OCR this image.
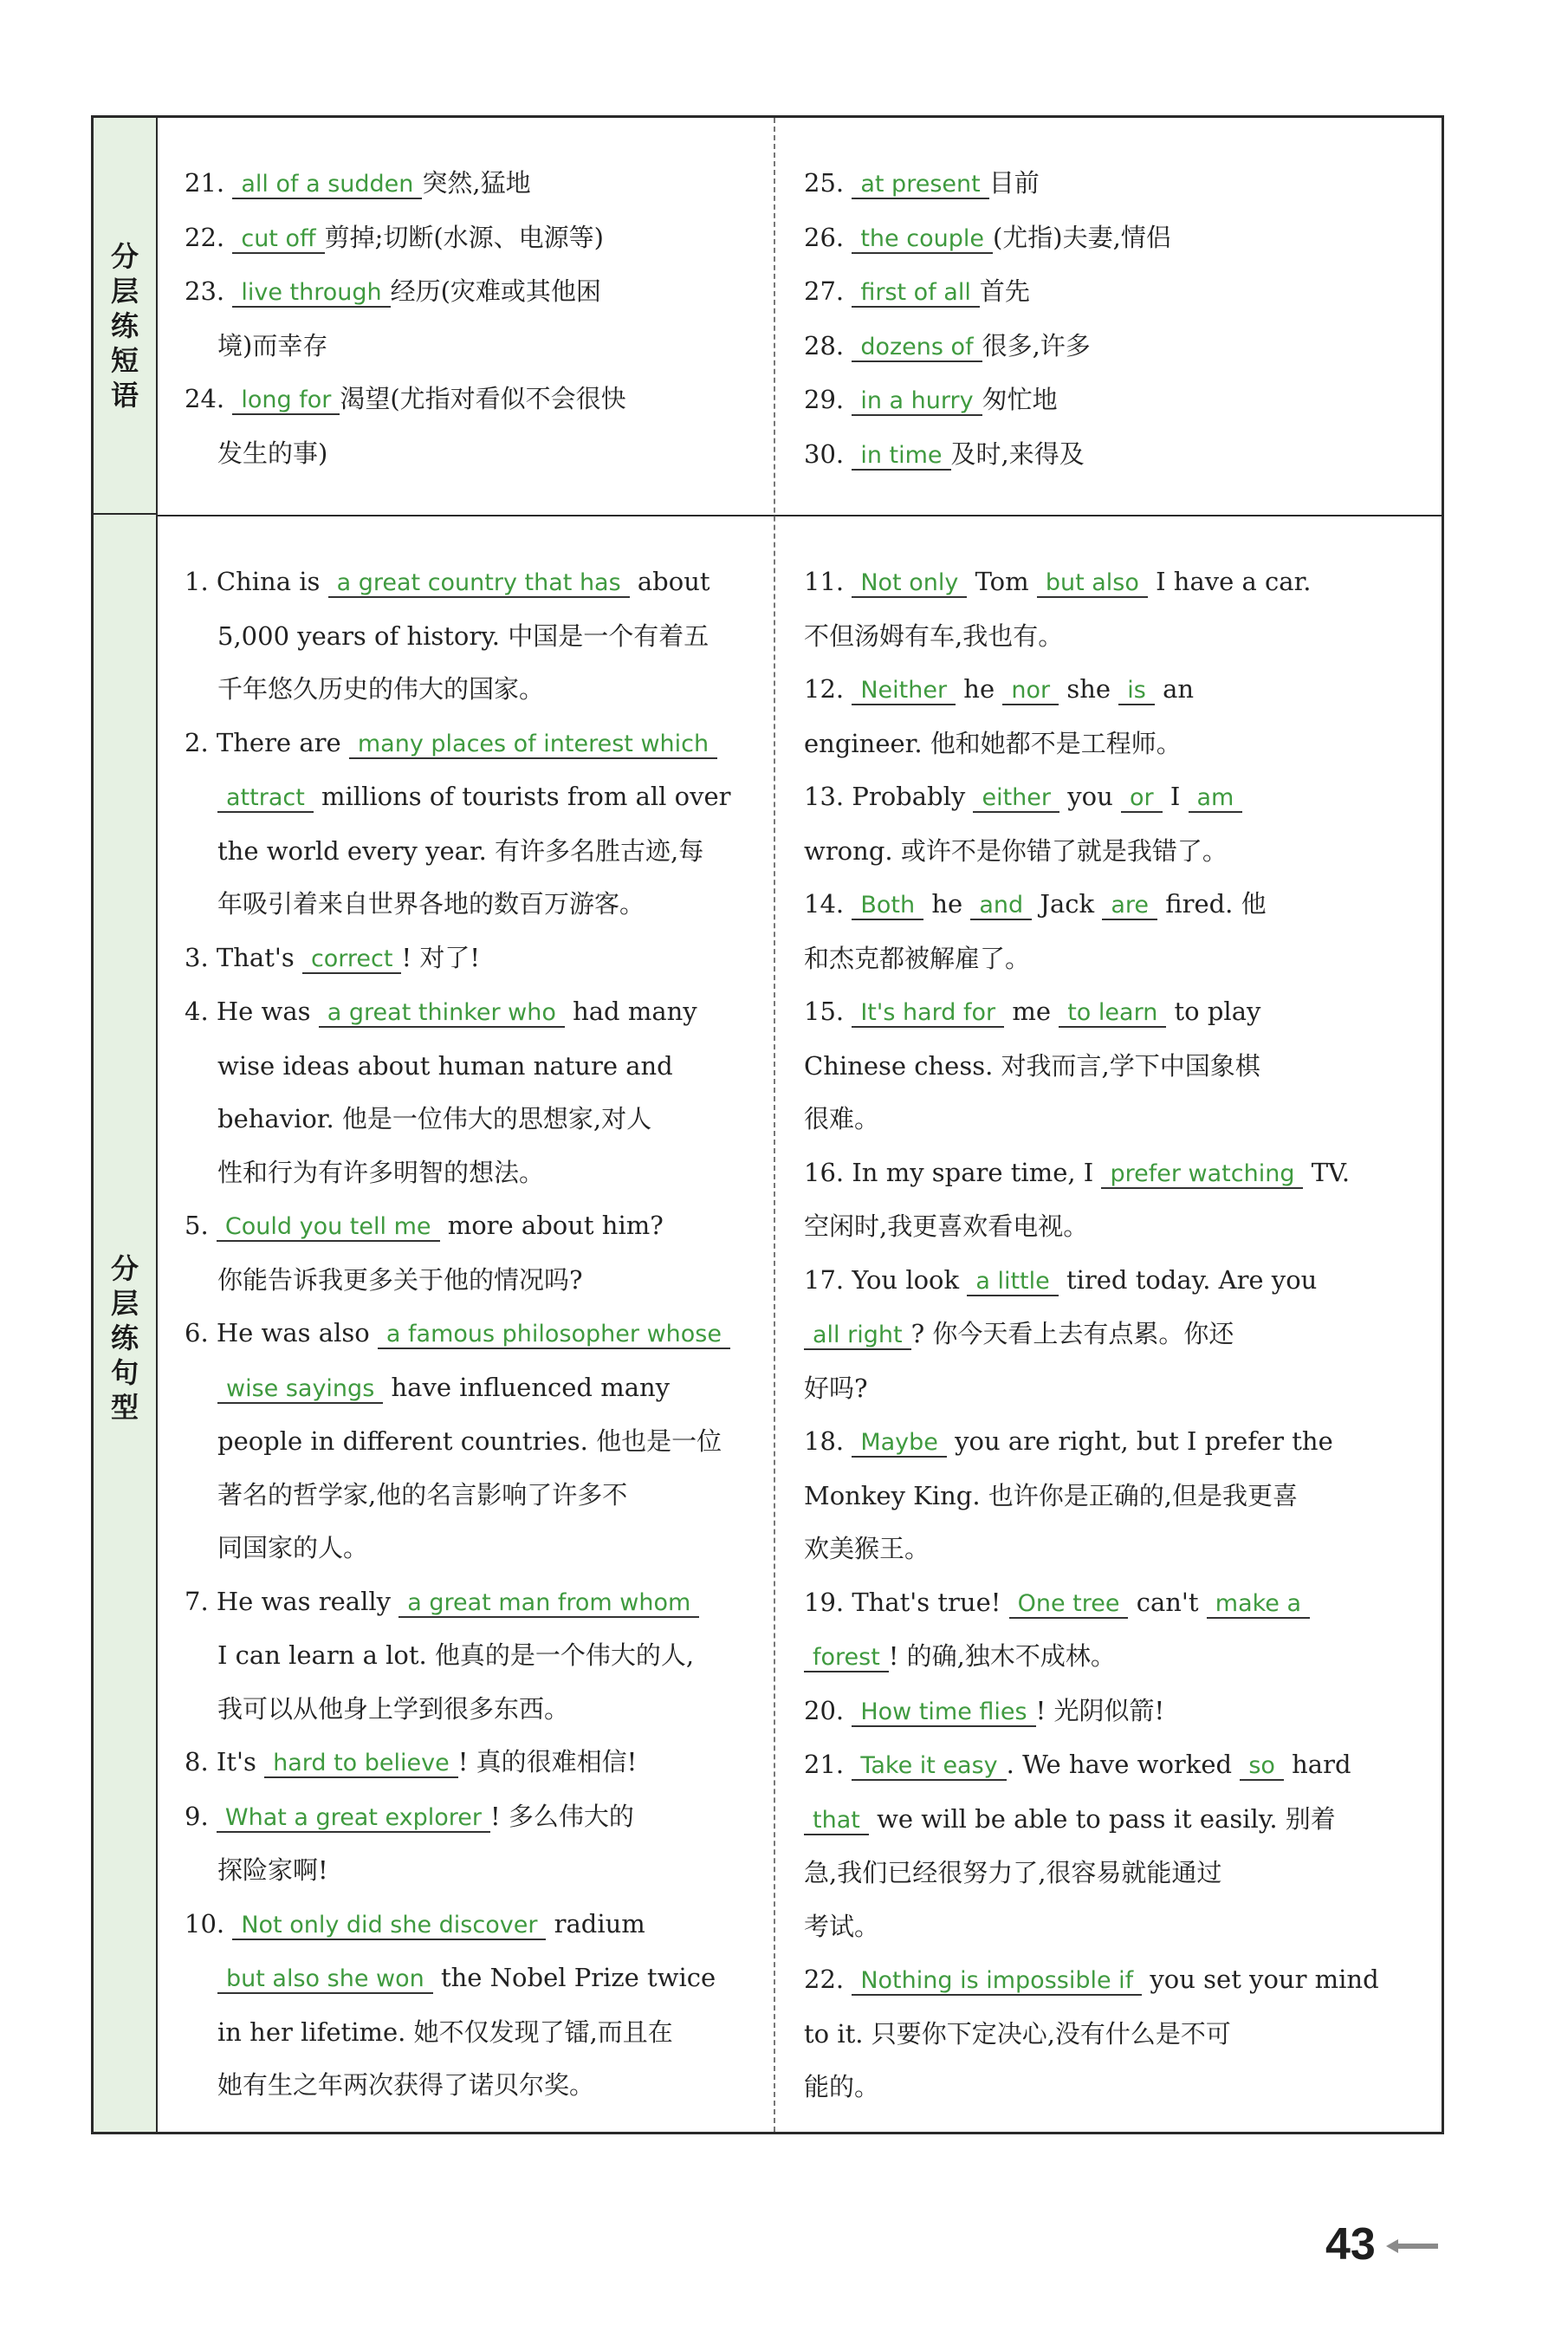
分层练短语
分层练句型
21. all of a sudden 突然,猛地
22. cut off 剪掉;切断(水源、电源等)
23. live through 经历(灾难或其他困
境)而幸存
24. long for 渴望(尤指对看似不会很快
发生的事)
25. at present 目前
26. the couple (尤指)夫妻,情侣
27. first of all 首先
28. dozens of 很多,许多
29. in a hurry 匆忙地
30. in time 及时,来得及
1. China is a great country that has about
5,000 years of history. 中国是一个有着五
千年悠久历史的伟大的国家。
2. There are many places of interest which
attract millions of tourists from all over
the world every year. 有许多名胜古迹,每
年吸引着来自世界各地的数百万游客。
3. That's correct ! 对了!
4. He was a great thinker who had many
wise ideas about human nature and
behavior. 他是一位伟大的思想家,对人
性和行为有许多明智的想法。
5. Could you tell me more about him?
你能告诉我更多关于他的情况吗?
6. He was also a famous philosopher whose
wise sayings have influenced many
people in different countries. 他也是一位
著名的哲学家,他的名言影响了许多不
同国家的人。
7. He was really a great man from whom
I can learn a lot. 他真的是一个伟大的人,
我可以从他身上学到很多东西。
8. It's hard to believe ! 真的很难相信!
9. What a great explorer ! 多么伟大的
探险家啊!
10. Not only did she discover radium
but also she won the Nobel Prize twice
in her lifetime. 她不仅发现了镭,而且在
她有生之年两次获得了诺贝尔奖。
11. Not only Tom but also I have a car.
不但汤姆有车,我也有。
12. Neither he nor she is an
engineer. 他和她都不是工程师。
13. Probably either you or I am
wrong. 或许不是你错了就是我错了。
14. Both he and Jack are fired. 他
和杰克都被解雇了。
15. It's hard for me to learn to play
Chinese chess. 对我而言,学下中国象棋
很难。
16. In my spare time, I prefer watching TV.
空闲时,我更喜欢看电视。
17. You look a little tired today. Are you
all right ? 你今天看上去有点累。你还
好吗?
18. Maybe you are right, but I prefer the
Monkey King. 也许你是正确的,但是我更喜
欢美猴王。
19. That's true! One tree can't make a
forest ! 的确,独木不成林。
20. How time flies ! 光阴似箭!
21. Take it easy . We have worked so hard
that we will be able to pass it easily. 别着
急,我们已经很努力了,很容易就能通过
考试。
22. Nothing is impossible if you set your mind
to it. 只要你下定决心,没有什么是不可
能的。
43
